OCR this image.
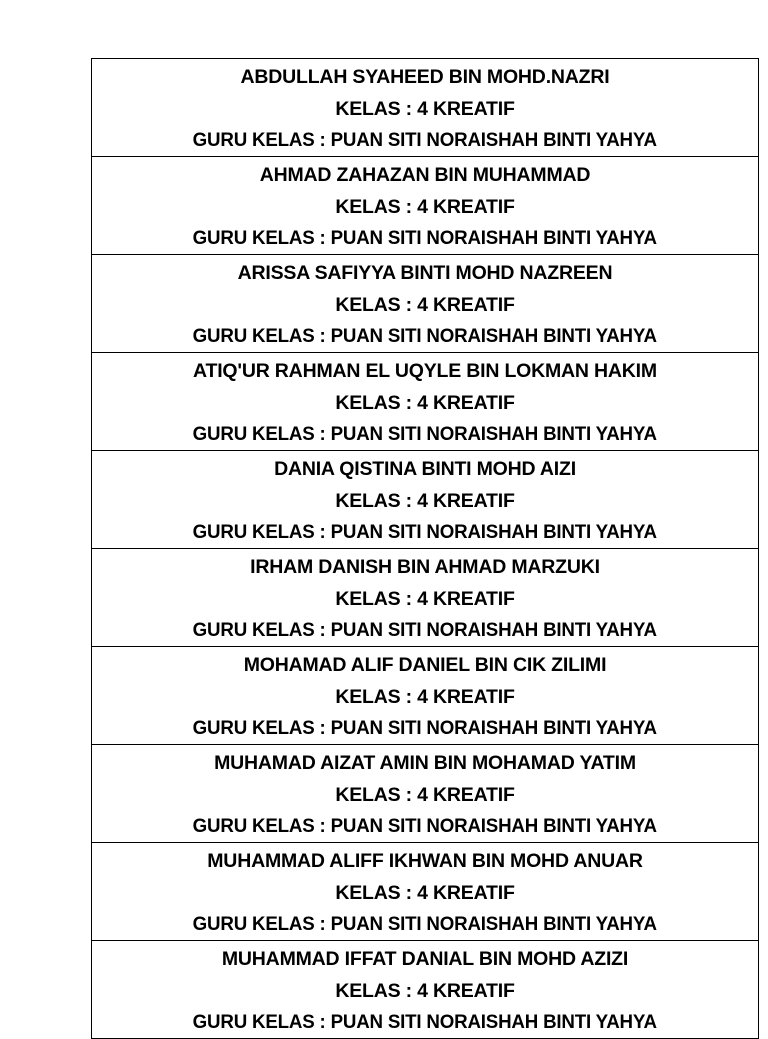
ABDULLAH SYAHEED BIN MOHD.NAZRI
KELAS : 4 KREATIF
GURU KELAS : PUAN SITI NORAISHAH BINTI YAHYA
AHMAD ZAHAZAN BIN MUHAMMAD
KELAS : 4 KREATIF
GURU KELAS : PUAN SITI NORAISHAH BINTI YAHYA
ARISSA SAFIYYA BINTI MOHD NAZREEN
KELAS : 4 KREATIF
GURU KELAS : PUAN SITI NORAISHAH BINTI YAHYA
ATIQ'UR RAHMAN EL UQYLE BIN LOKMAN HAKIM
KELAS : 4 KREATIF
GURU KELAS : PUAN SITI NORAISHAH BINTI YAHYA
DANIA QISTINA BINTI MOHD AIZI
KELAS : 4 KREATIF
GURU KELAS : PUAN SITI NORAISHAH BINTI YAHYA
IRHAM DANISH BIN AHMAD MARZUKI
KELAS : 4 KREATIF
GURU KELAS : PUAN SITI NORAISHAH BINTI YAHYA
MOHAMAD ALIF DANIEL BIN CIK ZILIMI
KELAS : 4 KREATIF
GURU KELAS : PUAN SITI NORAISHAH BINTI YAHYA
MUHAMAD AIZAT AMIN BIN MOHAMAD YATIM
KELAS : 4 KREATIF
GURU KELAS : PUAN SITI NORAISHAH BINTI YAHYA
MUHAMMAD ALIFF IKHWAN BIN MOHD ANUAR
KELAS : 4 KREATIF
GURU KELAS : PUAN SITI NORAISHAH BINTI YAHYA
MUHAMMAD IFFAT DANIAL BIN MOHD AZIZI
KELAS : 4 KREATIF
GURU KELAS : PUAN SITI NORAISHAH BINTI YAHYA
